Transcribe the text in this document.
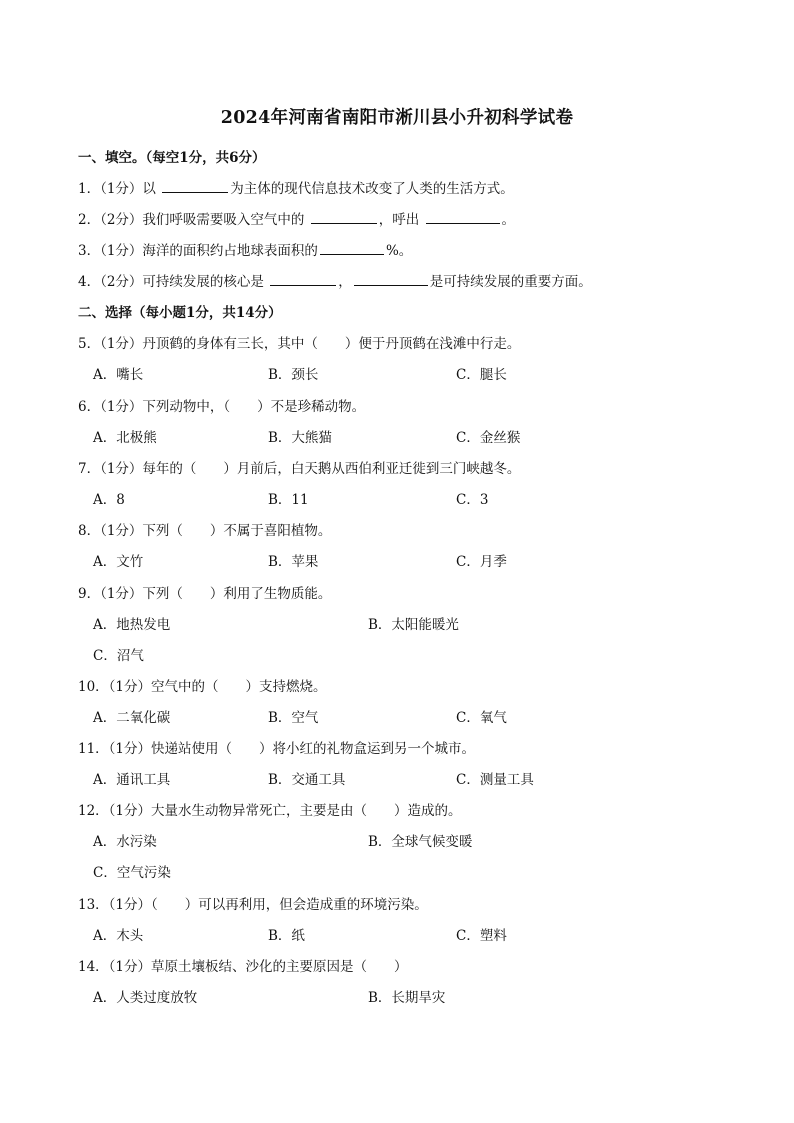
2024年河南省南阳市淅川县小升初科学试卷
一、填空。（每空1分，共6分）
1．（1分）以	为主体的现代信息技术改变了人类的生活方式。
2．（2分）我们呼吸需要吸入空气中的	，呼出	。
3．（1分）海洋的面积约占地球表面积的	%。
4．（2分）可持续发展的核心是	，	是可持续发展的重要方面。
二、选择（每小题1分，共14分）
5．（1分）丹顶鹤的身体有三长，其中（　　）便于丹顶鹤在浅滩中行走。
A．嘴长	B．颈长	C．腿长
6．（1分）下列动物中，（　　）不是珍稀动物。
A．北极熊	B．大熊猫	C．金丝猴
7．（1分）每年的（　　）月前后，白天鹅从西伯利亚迁徙到三门峡越冬。
A．8	B．11	C．3
8．（1分）下列（　　）不属于喜阳植物。
A．文竹	B．苹果	C．月季
9．（1分）下列（　　）利用了生物质能。
A．地热发电	B．太阳能暖光
C．沼气
10．（1分）空气中的（　　）支持燃烧。
A．二氧化碳	B．空气	C．氧气
11．（1分）快递站使用（　　）将小红的礼物盒运到另一个城市。
A．通讯工具	B．交通工具	C．测量工具
12．（1分）大量水生动物异常死亡，主要是由（　　）造成的。
A．水污染	B．全球气候变暖
C．空气污染
13．（1分）（　　）可以再利用，但会造成重的环境污染。
A．木头	B．纸	C．塑料
14．（1分）草原土壤板结、沙化的主要原因是（　　）
A．人类过度放牧	B．长期旱灾
